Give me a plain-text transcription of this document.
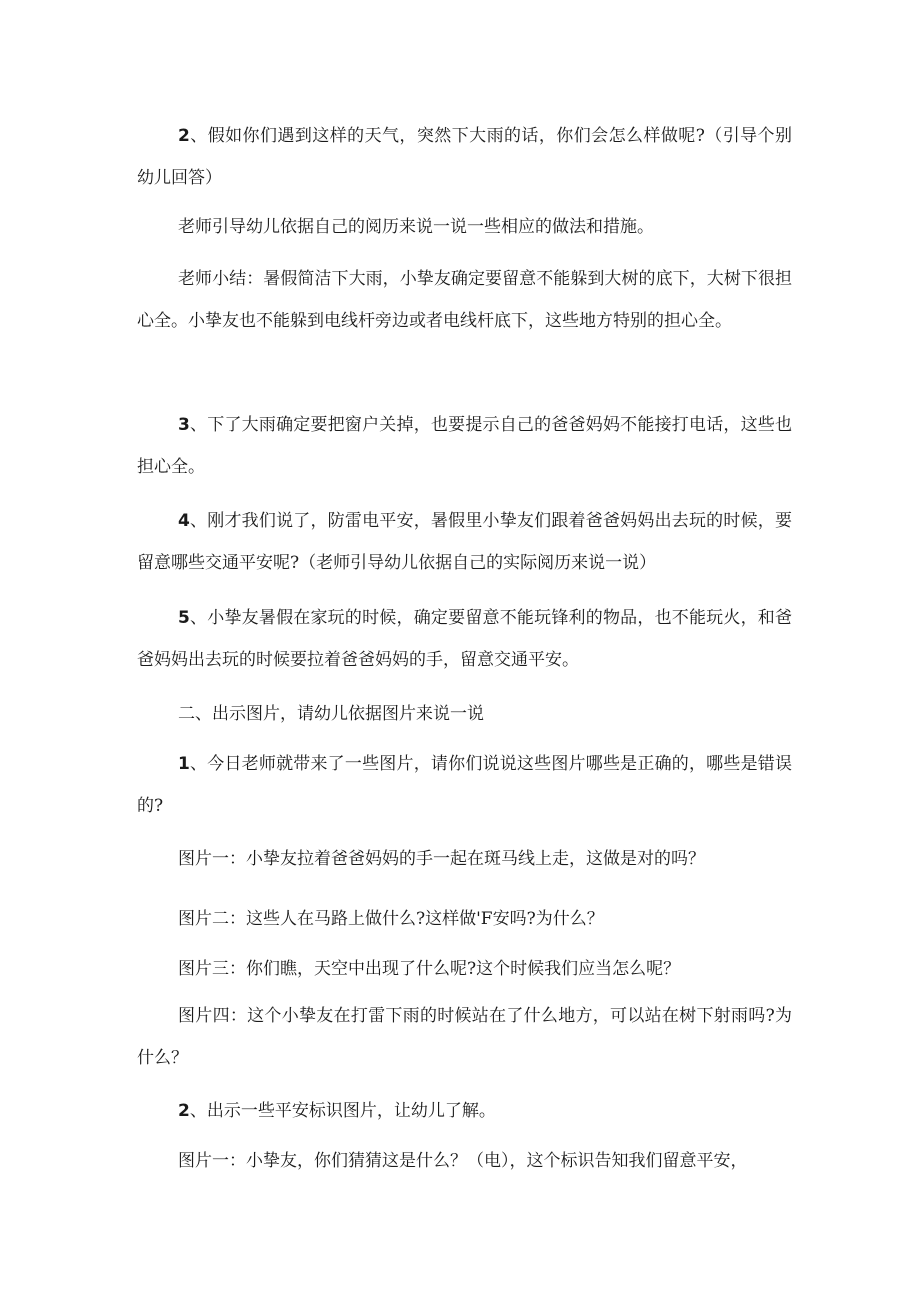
2、假如你们遇到这样的天气，突然下大雨的话，你们会怎么样做呢?（引导个别幼儿回答）

老师引导幼儿依据自己的阅历来说一说一些相应的做法和措施。

老师小结：暑假简洁下大雨，小挚友确定要留意不能躲到大树的底下，大树下很担心全。小挚友也不能躲到电线杆旁边或者电线杆底下，这些地方特别的担心全。

3、下了大雨确定要把窗户关掉，也要提示自己的爸爸妈妈不能接打电话，这些也担心全。

4、刚才我们说了，防雷电平安，暑假里小挚友们跟着爸爸妈妈出去玩的时候，要留意哪些交通平安呢?（老师引导幼儿依据自己的实际阅历来说一说）

5、小挚友暑假在家玩的时候，确定要留意不能玩锋利的物品，也不能玩火，和爸爸妈妈出去玩的时候要拉着爸爸妈妈的手，留意交通平安。

二、出示图片，请幼儿依据图片来说一说

1、今日老师就带来了一些图片，请你们说说这些图片哪些是正确的，哪些是错误的?

图片一：小挚友拉着爸爸妈妈的手一起在斑马线上走，这做是对的吗？

图片二：这些人在马路上做什么?这样做'F安吗?为什么？

图片三：你们瞧，天空中出现了什么呢?这个时候我们应当怎么呢？

图片四：这个小挚友在打雷下雨的时候站在了什么地方，可以站在树下射雨吗?为什么？

2、出示一些平安标识图片，让幼儿了解。

图片一：小挚友，你们猜猜这是什么？（电），这个标识告知我们留意平安，
